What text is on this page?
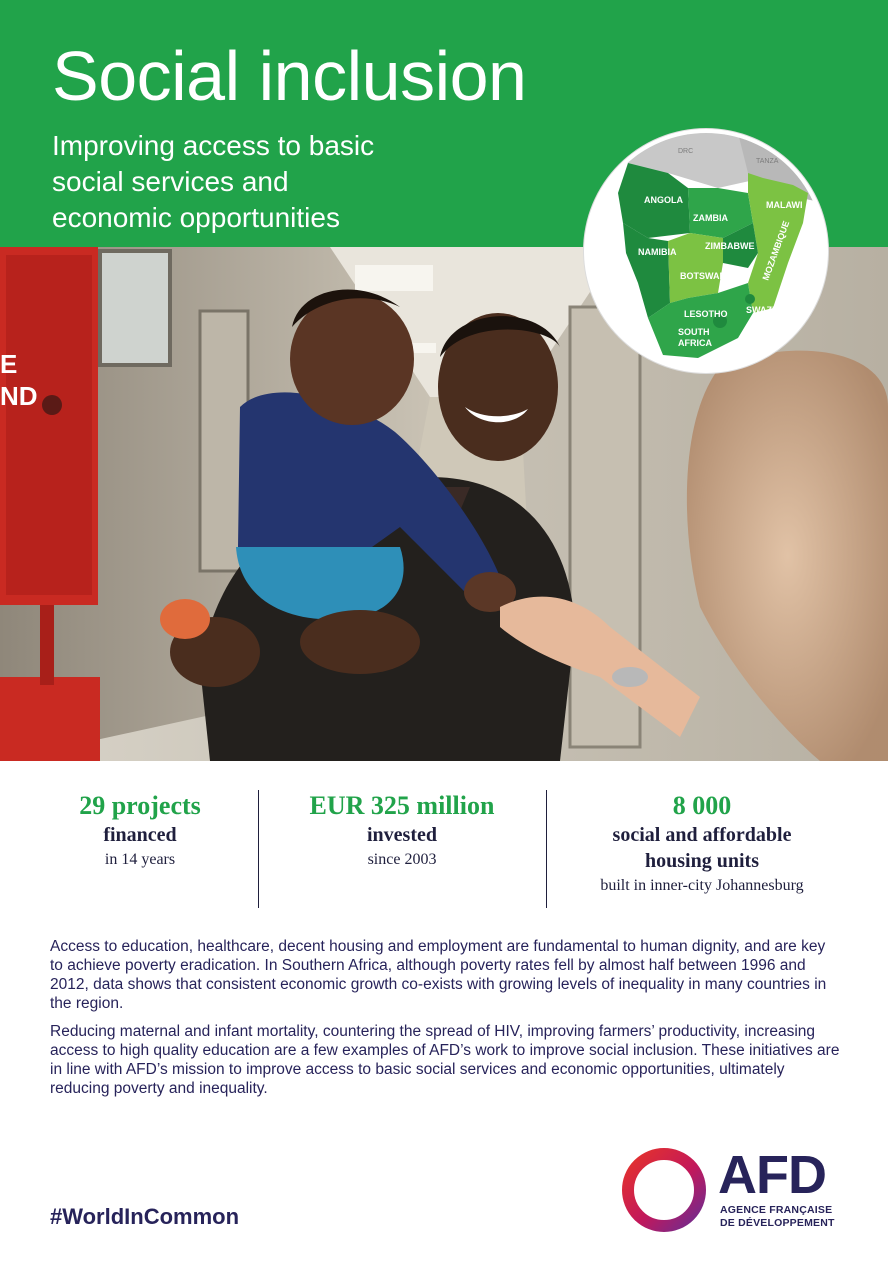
Social inclusion

Improving access to basic social services and economic opportunities

E
ND
DRC
TANZA
ANGOLA
ZAMBIA
MALAWI
NAMIBIA
ZIMBABWE MOZAMBIQUE
BOTSWANA
LESOTHO SWAZILAND
SOUTH
AFRICA
29 projects
financed
in 14 years
EUR 325 million
invested
since 2003
8 000
social and affordable housing units
built in inner-city Johannesburg

Access to education, healthcare, decent housing and employment are fundamental to human dignity, and are key to achieve poverty eradication. In Southern Africa, although poverty rates fell by almost half between 1996 and 2012, data shows that consistent economic growth co-exists with growing levels of inequality in many countries in the region.

Reducing maternal and infant mortality, countering the spread of HIV, improving farmers’ productivity, increasing access to high quality education are a few examples of AFD’s work to improve social inclusion. These initiatives are in line with AFD’s mission to improve access to basic social services and economic opportunities, ultimately reducing poverty and inequality.

#WorldInCommon

AFD
AGENCE FRANÇAISE
DE DÉVELOPPEMENT
